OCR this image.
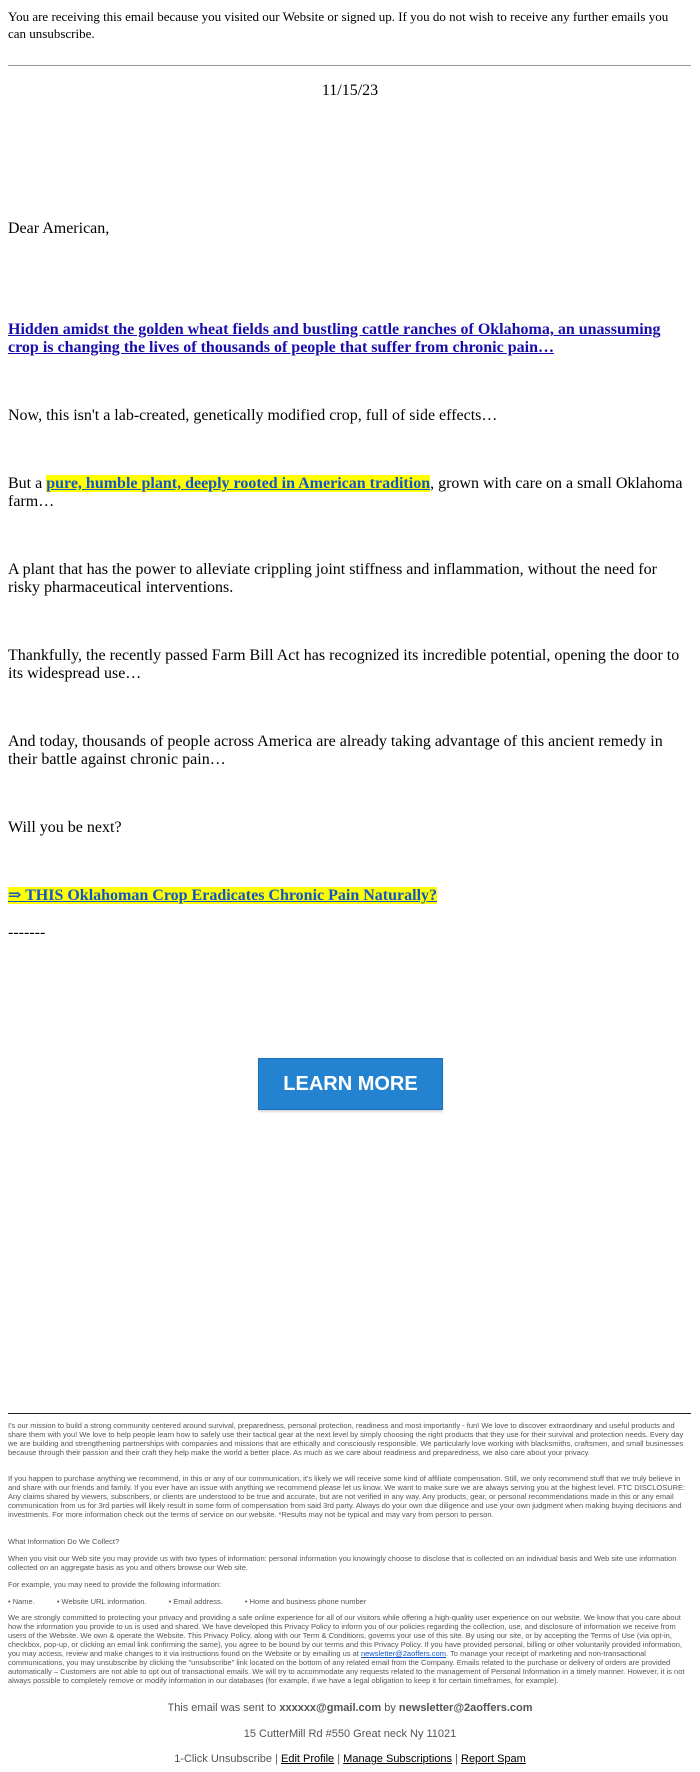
You are receiving this email because you visited our Website or signed up. If you do not wish to receive any further emails you can unsubscribe.
11/15/23
Dear American,
Hidden amidst the golden wheat fields and bustling cattle ranches of Oklahoma, an unassuming crop is changing the lives of thousands of people that suffer from chronic pain…
Now, this isn't a lab-created, genetically modified crop, full of side effects…
But a pure, humble plant, deeply rooted in American tradition, grown with care on a small Oklahoma farm…
A plant that has the power to alleviate crippling joint stiffness and inflammation, without the need for risky pharmaceutical interventions.
Thankfully, the recently passed Farm Bill Act has recognized its incredible potential, opening the door to its widespread use…
And today, thousands of people across America are already taking advantage of this ancient remedy in their battle against chronic pain…
Will you be next?
⇒ THIS Oklahoman Crop Eradicates Chronic Pain Naturally?
-------
LEARN MORE
I's our mission to build a strong community centered around survival, preparedness, personal protection, readiness and most importantly - fun! We love to discover extraordinary and useful products and share them with you! We love to help people learn how to safely use their tactical gear at the next level by simply choosing the right products that they use for their survival and protection needs. Every day we are building and strengthening partnerships with companies and missions that are ethically and consciously responsible. We particularly love working with blacksmiths, craftsmen, and small businesses because through their passion and their craft they help make the world a better place. As much as we care about readiness and preparedness, we also care about your privacy.
If you happen to purchase anything we recommend, in this or any of our communication, it's likely we will receive some kind of affiliate compensation. Still, we only recommend stuff that we truly believe in and share with our friends and family. If you ever have an issue with anything we recommend please let us know. We want to make sure we are always serving you at the highest level. FTC DISCLOSURE: Any claims shared by viewers, subscribers, or clients are understood to be true and accurate, but are not verified in any way. Any products, gear, or personal recommendations made in this or any email communication from us for 3rd parties will likely result in some form of compensation from said 3rd party. Always do your own due diligence and use your own judgment when making buying decisions and investments. For more information check out the terms of service on our website. *Results may not be typical and may vary from person to person.
What Information Do We Collect?
When you visit our Web site you may provide us with two types of information: personal information you knowingly choose to disclose that is collected on an individual basis and Web site use information collected on an aggregate basis as you and others browse our Web site.
For example, you may need to provide the following information:
• Name.	• Website URL information.	• Email address.	• Home and business phone number
We are strongly committed to protecting your privacy and providing a safe online experience for all of our visitors while offering a high-quality user experience on our website. We know that you care about how the information you provide to us is used and shared. We have developed this Privacy Policy to inform you of our policies regarding the collection, use, and disclosure of information we receive from users of the Website. We own & operate the Website. This Privacy Policy, along with our Term & Conditions, governs your use of this site. By using our site, or by accepting the Terms of Use (via opt-in, checkbox, pop-up, or clicking an email link confirming the same), you agree to be bound by our terms and this Privacy Policy. If you have provided personal, billing or other voluntarily provided information, you may access, review and make changes to it via instructions found on the Website or by emailing us at newsletter@2aoffers.com. To manage your receipt of marketing and non-transactional communications, you may unsubscribe by clicking the "unsubscribe" link located on the bottom of any related email from the Company. Emails related to the purchase or delivery of orders are provided automatically – Customers are not able to opt out of transactional emails. We will try to accommodate any requests related to the management of Personal Information in a timely manner. However, it is not always possible to completely remove or modify information in our databases (for example, if we have a legal obligation to keep it for certain timeframes, for example).
This email was sent to xxxxxx@gmail.com by newsletter@2aoffers.com
15 CutterMill Rd #550 Great neck Ny 11021
1-Click Unsubscribe | Edit Profile | Manage Subscriptions | Report Spam
